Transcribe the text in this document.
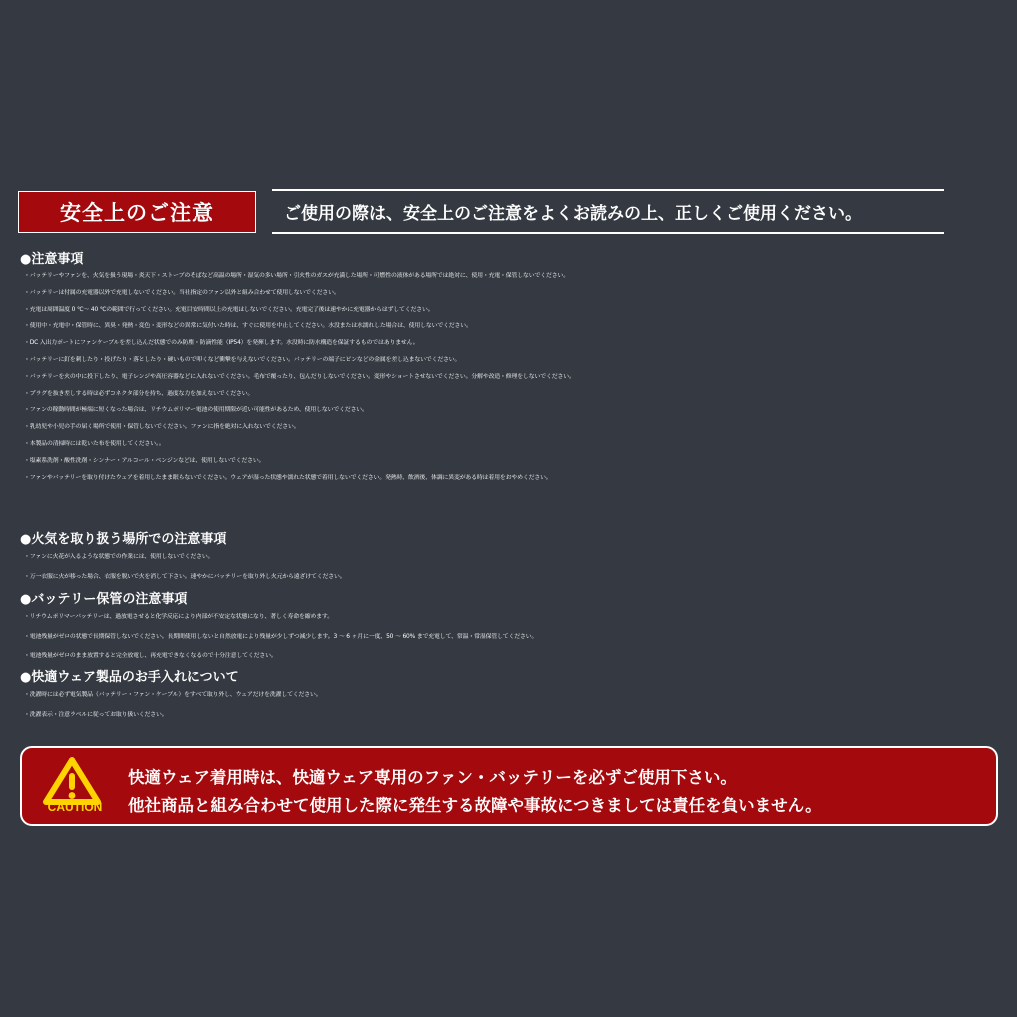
安全上のご注意	ご使用の際は、安全上のご注意をよくお読みの上、正しくご使用ください。
●注意事項
・バッテリーやファンを、火気を扱う現場・炎天下・ストーブのそばなど高温の場所・湿気の多い場所・引火性のガスが充満した場所・可燃性の液体がある場所では絶対に、使用・充電・保管しないでください。
・バッテリーは付属の充電器以外で充電しないでください。当社指定のファン以外と組み合わせて使用しないでください。
・充電は周囲温度 0 ℃〜 40 ℃の範囲で行ってください。充電目安時間以上の充電はしないでください。充電完了後は速やかに充電器からはずしてください。
・使用中・充電中・保管時に、異臭・発熱・変色・変形などの異常に気付いた時は、すぐに使用を中止してください。水没または水濡れした場合は、使用しないでください。
・DC 入出力ポートにファンケーブルを差し込んだ状態でのみ防塵・防滴性能（IP54）を発揮します。水没時に防水構造を保証するものではありません。
・バッテリーに釘を刺したり・投げたり・落としたり・硬いもので叩くなど衝撃を与えないでください。バッテリーの端子にピンなどの金属を差し込まないでください。
・バッテリーを火の中に投下したり、電子レンジや高圧容器などに入れないでください。毛布で覆ったり、包んだりしないでください。変形やショートさせないでください。分解や改造・修理をしないでください。
・プラグを抜き差しする時は必ずコネクタ部分を持ち、過度な力を加えないでください。
・ファンの稼動時間が極端に短くなった場合は、リチウムポリマー電池の使用期限が近い可能性があるため、使用しないでください。
・乳幼児や小児の手の届く場所で使用・保管しないでください。ファンに指を絶対に入れないでください。
・本製品の清掃時には乾いた布を使用してください。。
・塩素系洗剤・酸性洗剤・シンナー・アルコール・ベンジンなどは、使用しないでください。
・ファンやバッテリーを取り付けたウェアを着用したまま眠らないでください。ウェアが湿った状態や濡れた状態で着用しないでください。発熱時、飲酒後、体調に異変がある時は着用をおやめください。
●火気を取り扱う場所での注意事項
・ファンに火花が入るような状態での作業には、使用しないでください。
・万一衣服に火が移った場合、衣服を脱いで火を消して下さい。速やかにバッテリーを取り外し火元から遠ざけてください。
●バッテリー保管の注意事項
・リチウムポリマーバッテリーは、過放電させると化学反応により内部が不安定な状態になり、著しく寿命を縮めます。
・電池残量がゼロの状態で長期保管しないでください。長期間使用しないと自然放電により残量が少しずつ減少します。3 〜 6 ヶ月に一度、50 〜 60% まで充電して、常温・常湿保管してください。
・電池残量がゼロのまま放置すると完全放電し、再充電できなくなるので十分注意してください。
●快適ウェア製品のお手入れについて
・洗濯時には必ず電気製品（バッテリー・ファン・ケーブル）をすべて取り外し、ウェアだけを洗濯してください。
・洗濯表示・注意ラベルに従ってお取り扱いください。
CAUTION
快適ウェア着用時は、快適ウェア専用のファン・バッテリーを必ずご使用下さい。
他社商品と組み合わせて使用した際に発生する故障や事故につきましては責任を負いません。
